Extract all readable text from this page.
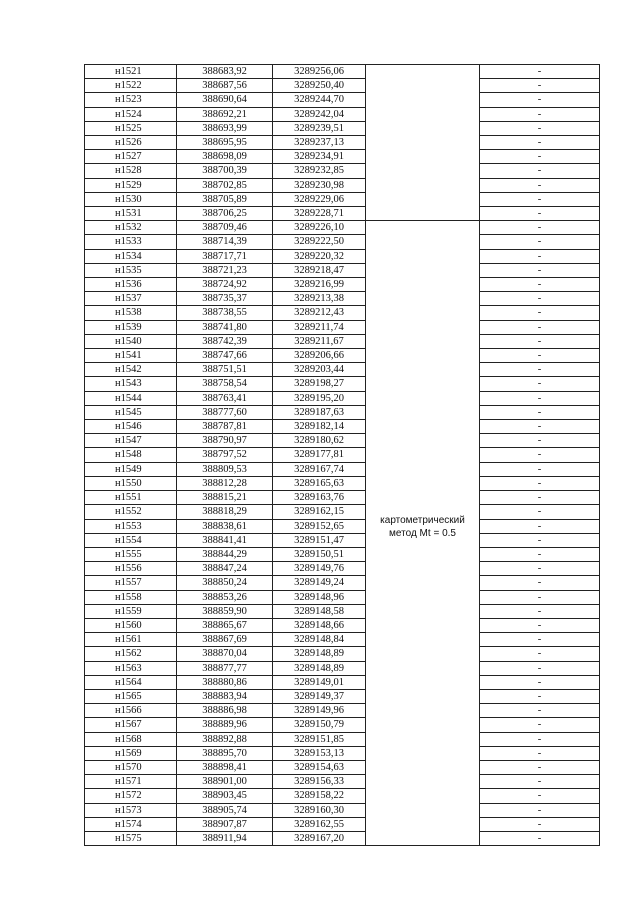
н1521	388683,92	3289256,06		-
н1522	388687,56	3289250,40		-
н1523	388690,64	3289244,70		-
н1524	388692,21	3289242,04		-
н1525	388693,99	3289239,51		-
н1526	388695,95	3289237,13		-
н1527	388698,09	3289234,91		-
н1528	388700,39	3289232,85		-
н1529	388702,85	3289230,98		-
н1530	388705,89	3289229,06		-
н1531	388706,25	3289228,71		-
н1532	388709,46	3289226,10	картометрический
метод Mt = 0.5	-
н1533	388714,39	3289222,50		-
н1534	388717,71	3289220,32		-
н1535	388721,23	3289218,47		-
н1536	388724,92	3289216,99		-
н1537	388735,37	3289213,38		-
н1538	388738,55	3289212,43		-
н1539	388741,80	3289211,74		-
н1540	388742,39	3289211,67		-
н1541	388747,66	3289206,66		-
н1542	388751,51	3289203,44		-
н1543	388758,54	3289198,27		-
н1544	388763,41	3289195,20		-
н1545	388777,60	3289187,63		-
н1546	388787,81	3289182,14		-
н1547	388790,97	3289180,62		-
н1548	388797,52	3289177,81		-
н1549	388809,53	3289167,74		-
н1550	388812,28	3289165,63		-
н1551	388815,21	3289163,76		-
н1552	388818,29	3289162,15		-
н1553	388838,61	3289152,65		-
н1554	388841,41	3289151,47		-
н1555	388844,29	3289150,51		-
н1556	388847,24	3289149,76		-
н1557	388850,24	3289149,24		-
н1558	388853,26	3289148,96		-
н1559	388859,90	3289148,58		-
н1560	388865,67	3289148,66		-
н1561	388867,69	3289148,84		-
н1562	388870,04	3289148,89		-
н1563	388877,77	3289148,89		-
н1564	388880,86	3289149,01		-
н1565	388883,94	3289149,37		-
н1566	388886,98	3289149,96		-
н1567	388889,96	3289150,79		-
н1568	388892,88	3289151,85		-
н1569	388895,70	3289153,13		-
н1570	388898,41	3289154,63		-
н1571	388901,00	3289156,33		-
н1572	388903,45	3289158,22		-
н1573	388905,74	3289160,30		-
н1574	388907,87	3289162,55		-
н1575	388911,94	3289167,20		-
